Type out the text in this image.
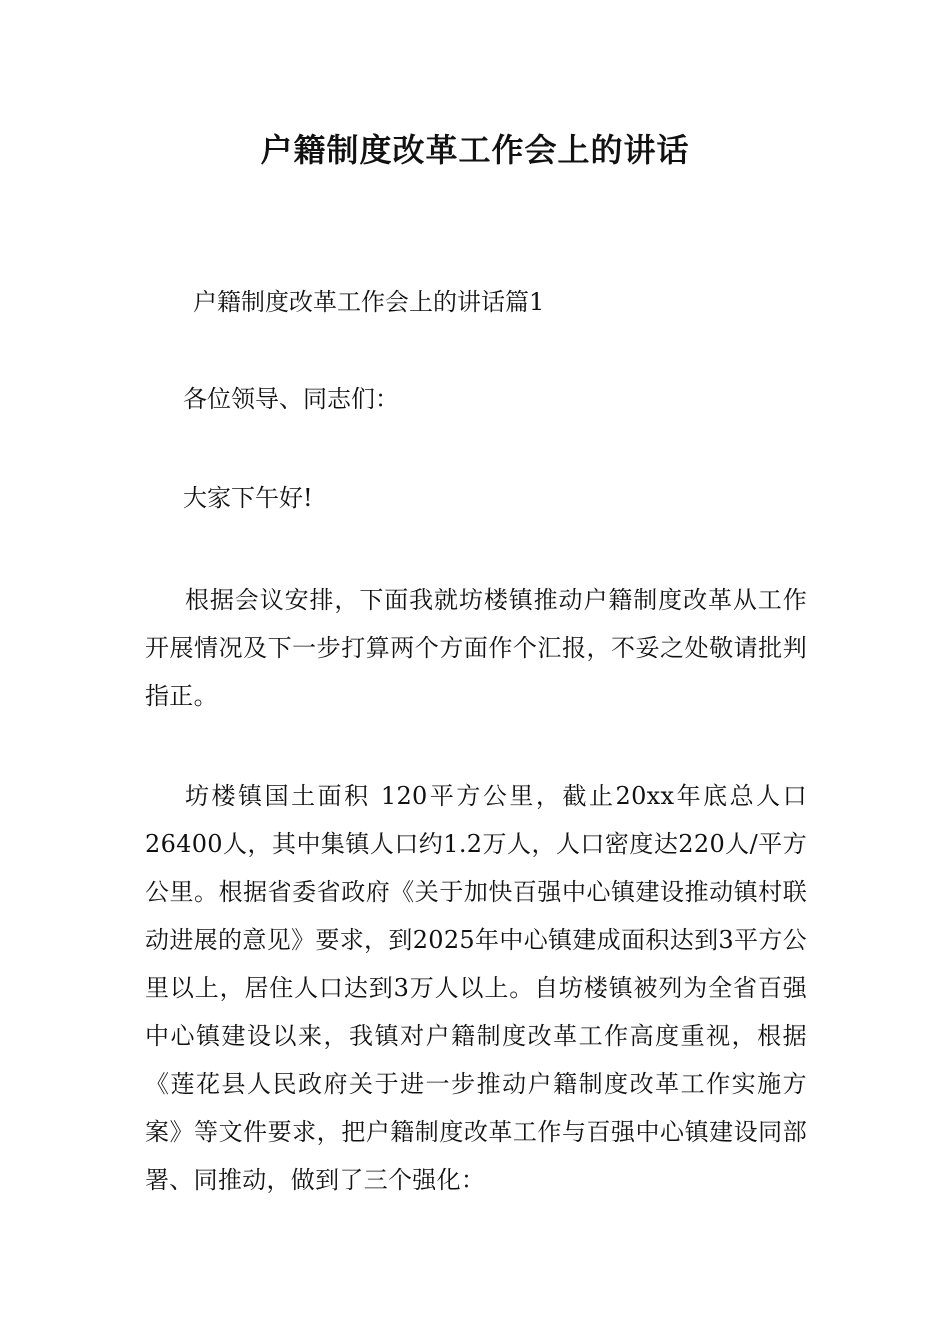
户籍制度改革工作会上的讲话

户籍制度改革工作会上的讲话篇1

各位领导、同志们：

大家下午好!

根据会议安排，下面我就坊楼镇推动户籍制度改革从工作开展情况及下一步打算两个方面作个汇报，不妥之处敬请批判指正。

坊楼镇国土面积 120平方公里，截止20xx年底总人口26400人，其中集镇人口约1.2万人，人口密度达220人/平方公里。根据省委省政府《关于加快百强中心镇建设推动镇村联动进展的意见》要求，到2025年中心镇建成面积达到3平方公里以上，居住人口达到3万人以上。自坊楼镇被列为全省百强中心镇建设以来，我镇对户籍制度改革工作高度重视，根据《莲花县人民政府关于进一步推动户籍制度改革工作实施方案》等文件要求，把户籍制度改革工作与百强中心镇建设同部署、同推动，做到了三个强化：
